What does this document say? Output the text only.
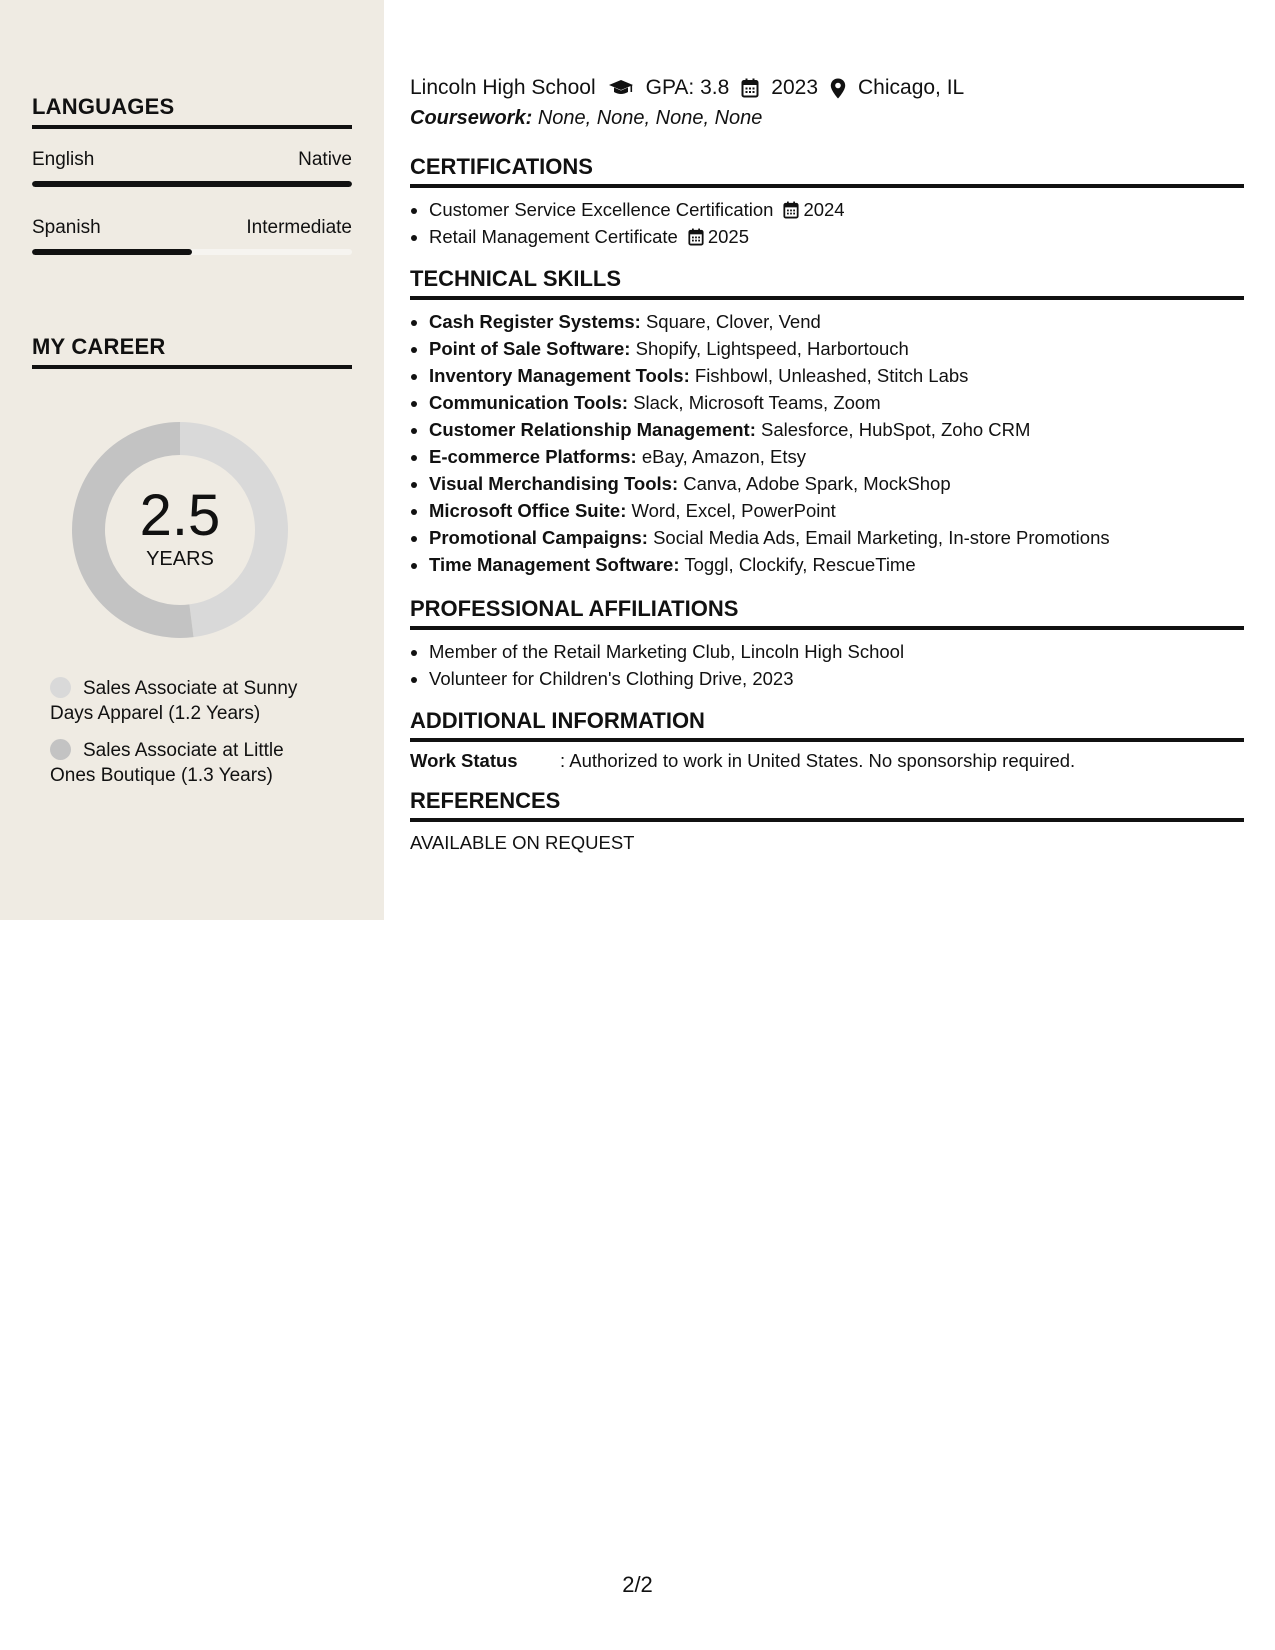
LANGUAGES
English	Native
Spanish	Intermediate
MY CAREER
2.5
YEARS
Sales Associate at Sunny Days Apparel (1.2 Years)
Sales Associate at Little Ones Boutique (1.3 Years)
Lincoln High School GPA: 3.8 2023 Chicago, IL
Coursework: None, None, None, None
CERTIFICATIONS
• Customer Service Excellence Certification 2024
• Retail Management Certificate 2025
TECHNICAL SKILLS
• Cash Register Systems: Square, Clover, Vend
• Point of Sale Software: Shopify, Lightspeed, Harbortouch
• Inventory Management Tools: Fishbowl, Unleashed, Stitch Labs
• Communication Tools: Slack, Microsoft Teams, Zoom
• Customer Relationship Management: Salesforce, HubSpot, Zoho CRM
• E-commerce Platforms: eBay, Amazon, Etsy
• Visual Merchandising Tools: Canva, Adobe Spark, MockShop
• Microsoft Office Suite: Word, Excel, PowerPoint
• Promotional Campaigns: Social Media Ads, Email Marketing, In-store Promotions
• Time Management Software: Toggl, Clockify, RescueTime
PROFESSIONAL AFFILIATIONS
• Member of the Retail Marketing Club, Lincoln High School
• Volunteer for Children's Clothing Drive, 2023
ADDITIONAL INFORMATION
Work Status	: Authorized to work in United States. No sponsorship required.
REFERENCES
AVAILABLE ON REQUEST
2/2
